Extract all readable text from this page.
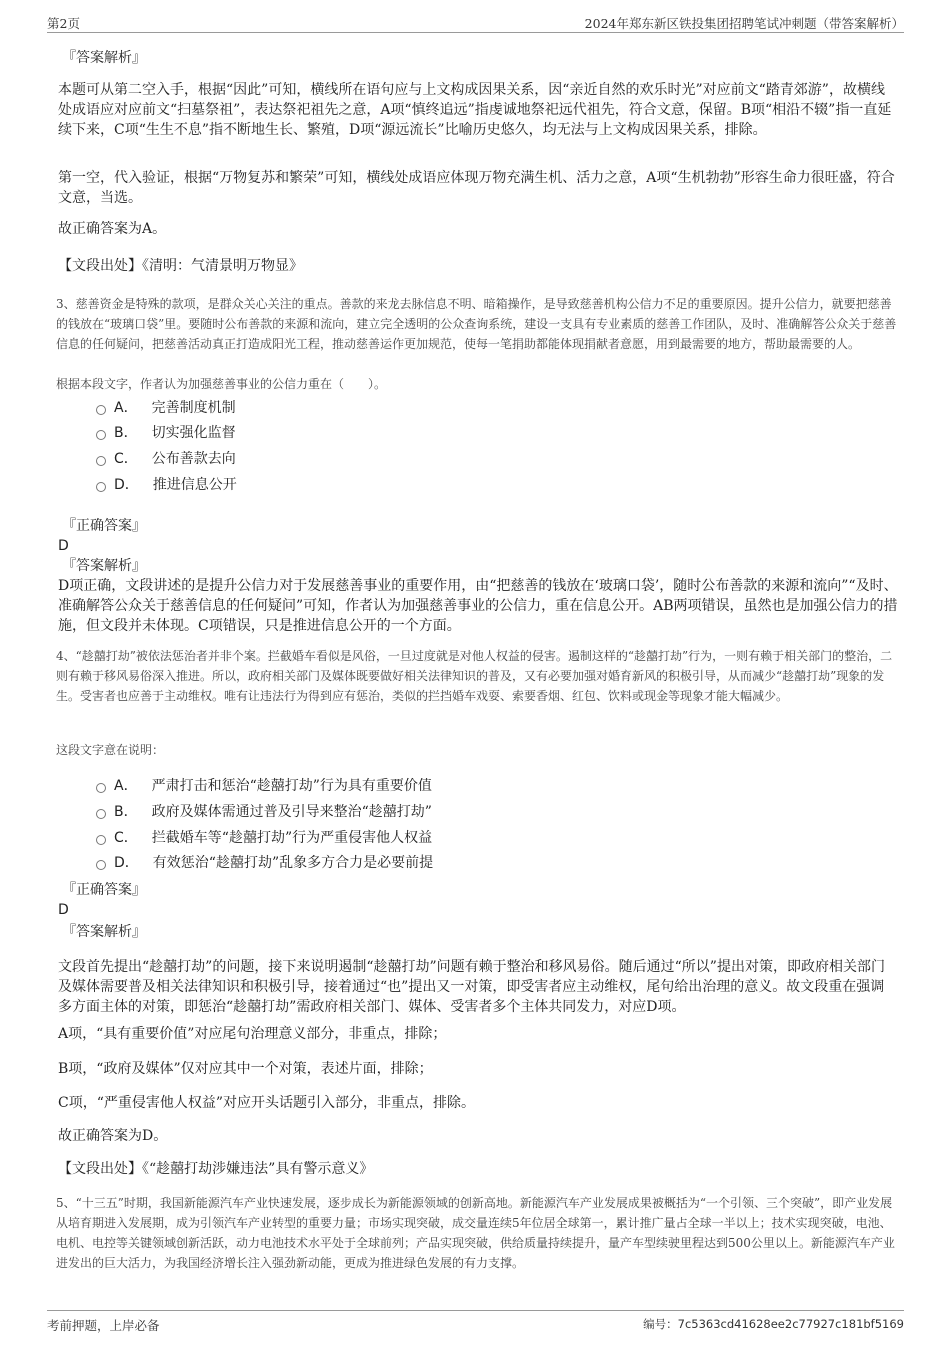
第2页	2024年郑东新区铁投集团招聘笔试冲刺题（带答案解析）
『答案解析』

本题可从第二空入手，根据“因此”可知，横线所在语句应与上文构成因果关系，因“亲近自然的欢乐时光”对应前文“踏青郊游”，故横线处成语应对应前文“扫墓祭祖”，表达祭祀祖先之意，A项“慎终追远”指虔诚地祭祀远代祖先，符合文意，保留。B项“相沿不辍”指一直延续下来，C项“生生不息”指不断地生长、繁殖，D项“源远流长”比喻历史悠久，均无法与上文构成因果关系，排除。

第一空，代入验证，根据“万物复苏和繁荣”可知，横线处成语应体现万物充满生机、活力之意，A项“生机勃勃”形容生命力很旺盛，符合文意，当选。

故正确答案为A。
【文段出处】《清明：气清景明万物显》

3、慈善资金是特殊的款项，是群众关心关注的重点。善款的来龙去脉信息不明、暗箱操作，是导致慈善机构公信力不足的重要原因。提升公信力，就要把慈善的钱放在“玻璃口袋”里。要随时公布善款的来源和流向，建立完全透明的公众查询系统，建设一支具有专业素质的慈善工作团队，及时、准确解答公众关于慈善信息的任何疑问，把慈善活动真正打造成阳光工程，推动慈善运作更加规范，使每一笔捐助都能体现捐献者意愿，用到最需要的地方，帮助最需要的人。

根据本段文字，作者认为加强慈善事业的公信力重在（　　）。
A． 完善制度机制
B． 切实强化监督
C． 公布善款去向
D． 推进信息公开
『正确答案』
D
『答案解析』

D项正确，文段讲述的是提升公信力对于发展慈善事业的重要作用，由“把慈善的钱放在‘玻璃口袋’，随时公布善款的来源和流向”“及时、准确解答公众关于慈善信息的任何疑问”可知，作者认为加强慈善事业的公信力，重在信息公开。AB两项错误，虽然也是加强公信力的措施，但文段并未体现。C项错误，只是推进信息公开的一个方面。

4、“趁囍打劫”被依法惩治者并非个案。拦截婚车看似是风俗，一旦过度就是对他人权益的侵害。遏制这样的“趁囍打劫”行为，一则有赖于相关部门的整治，二则有赖于移风易俗深入推进。所以，政府相关部门及媒体既要做好相关法律知识的普及，又有必要加强对婚育新风的积极引导，从而减少“趁囍打劫”现象的发生。受害者也应善于主动维权。唯有让违法行为得到应有惩治，类似的拦挡婚车戏耍、索要香烟、红包、饮料或现金等现象才能大幅减少。

这段文字意在说明：
A． 严肃打击和惩治“趁囍打劫”行为具有重要价值
B． 政府及媒体需通过普及引导来整治“趁囍打劫”
C． 拦截婚车等“趁囍打劫”行为严重侵害他人权益
D． 有效惩治“趁囍打劫”乱象多方合力是必要前提
『正确答案』
D
『答案解析』

文段首先提出“趁囍打劫”的问题，接下来说明遏制“趁囍打劫”问题有赖于整治和移风易俗。随后通过“所以”提出对策，即政府相关部门及媒体需要普及相关法律知识和积极引导，接着通过“也”提出又一对策，即受害者应主动维权，尾句给出治理的意义。故文段重在强调多方面主体的对策，即惩治“趁囍打劫”需政府相关部门、媒体、受害者多个主体共同发力，对应D项。

A项，“具有重要价值”对应尾句治理意义部分，非重点，排除；
B项，“政府及媒体”仅对应其中一个对策，表述片面，排除；
C项，“严重侵害他人权益”对应开头话题引入部分，非重点，排除。
故正确答案为D。
【文段出处】《“趁囍打劫涉嫌违法”具有警示意义》

5、“十三五”时期，我国新能源汽车产业快速发展，逐步成长为新能源领域的创新高地。新能源汽车产业发展成果被概括为“一个引领、三个突破”，即产业发展从培育期进入发展期，成为引领汽车产业转型的重要力量；市场实现突破，成交量连续5年位居全球第一，累计推广量占全球一半以上；技术实现突破，电池、电机、电控等关键领域创新活跃，动力电池技术水平处于全球前列；产品实现突破，供给质量持续提升，量产车型续驶里程达到500公里以上。新能源汽车产业进发出的巨大活力，为我国经济增长注入强劲新动能，更成为推进绿色发展的有力支撑。

考前押题，上岸必备	编号：7c5363cd41628ee2c77927c181bf5169
